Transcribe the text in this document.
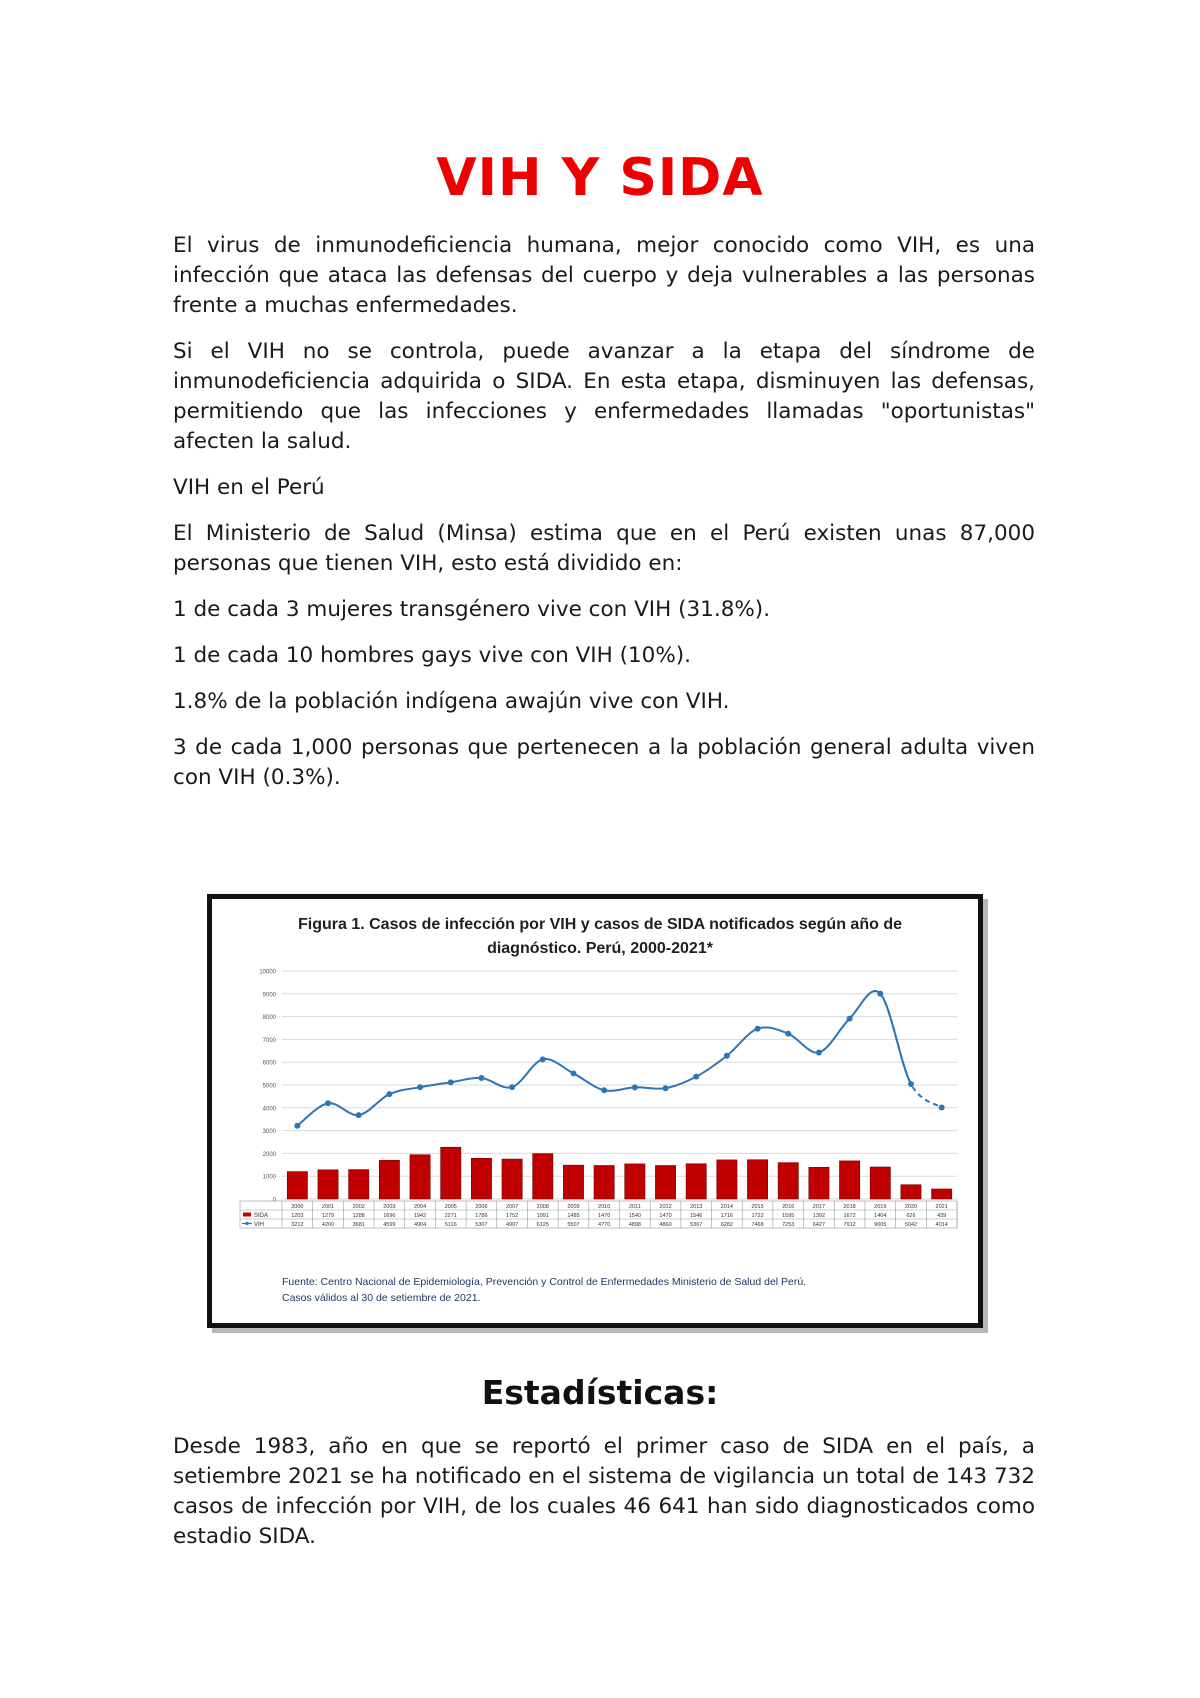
VIH Y SIDA

El virus de inmunodeficiencia humana, mejor conocido como VIH, es una infección que ataca las defensas del cuerpo y deja vulnerables a las personas frente a muchas enfermedades.

Si el VIH no se controla, puede avanzar a la etapa del síndrome de inmunodeficiencia adquirida o SIDA. En esta etapa, disminuyen las defensas, permitiendo que las infecciones y enfermedades llamadas "oportunistas" afecten la salud.

VIH en el Perú

El Ministerio de Salud (Minsa) estima que en el Perú existen unas 87,000 personas que tienen VIH, esto está dividido en:

1 de cada 3 mujeres transgénero vive con VIH (31.8%).

1 de cada 10 hombres gays vive con VIH (10%).

1.8% de la población indígena awajún vive con VIH.

3 de cada 1,000 personas que pertenecen a la población general adulta viven con VIH (0.3%).

Figura 1. Casos de infección por VIH y casos de SIDA notificados según año de
diagnóstico. Perú, 2000-2021*
0
1000
2000
3000
4000
5000
6000
7000
8000
9000
10000
SIDA
VIH
2000
1203
3212
2001
1279
4200
2002
1288
3681
2003
1696
4599
2004
1942
4904
2005
2271
5116
2006
1786
5307
2007
1752
4907
2008
1991
6125
2009
1485
5507
2010
1470
4770
2011
1540
4898
2012
1470
4860
2013
1546
5367
2014
1716
6282
2015
1722
7468
2016
1595
7253
2017
1392
6427
2018
1672
7912
2019
1404
9005
2020
626
5042
2021
439
4014
Fuente: Centro Nacional de Epidemiología, Prevención y Control de Enfermedades Ministerio de Salud del Perú.
Casos válidos al 30 de setiembre de 2021.
Estadísticas:

Desde 1983, año en que se reportó el primer caso de SIDA en el país, a setiembre 2021 se ha notificado en el sistema de vigilancia un total de 143 732 casos de infección por VIH, de los cuales 46 641 han sido diagnosticados como estadio SIDA.
